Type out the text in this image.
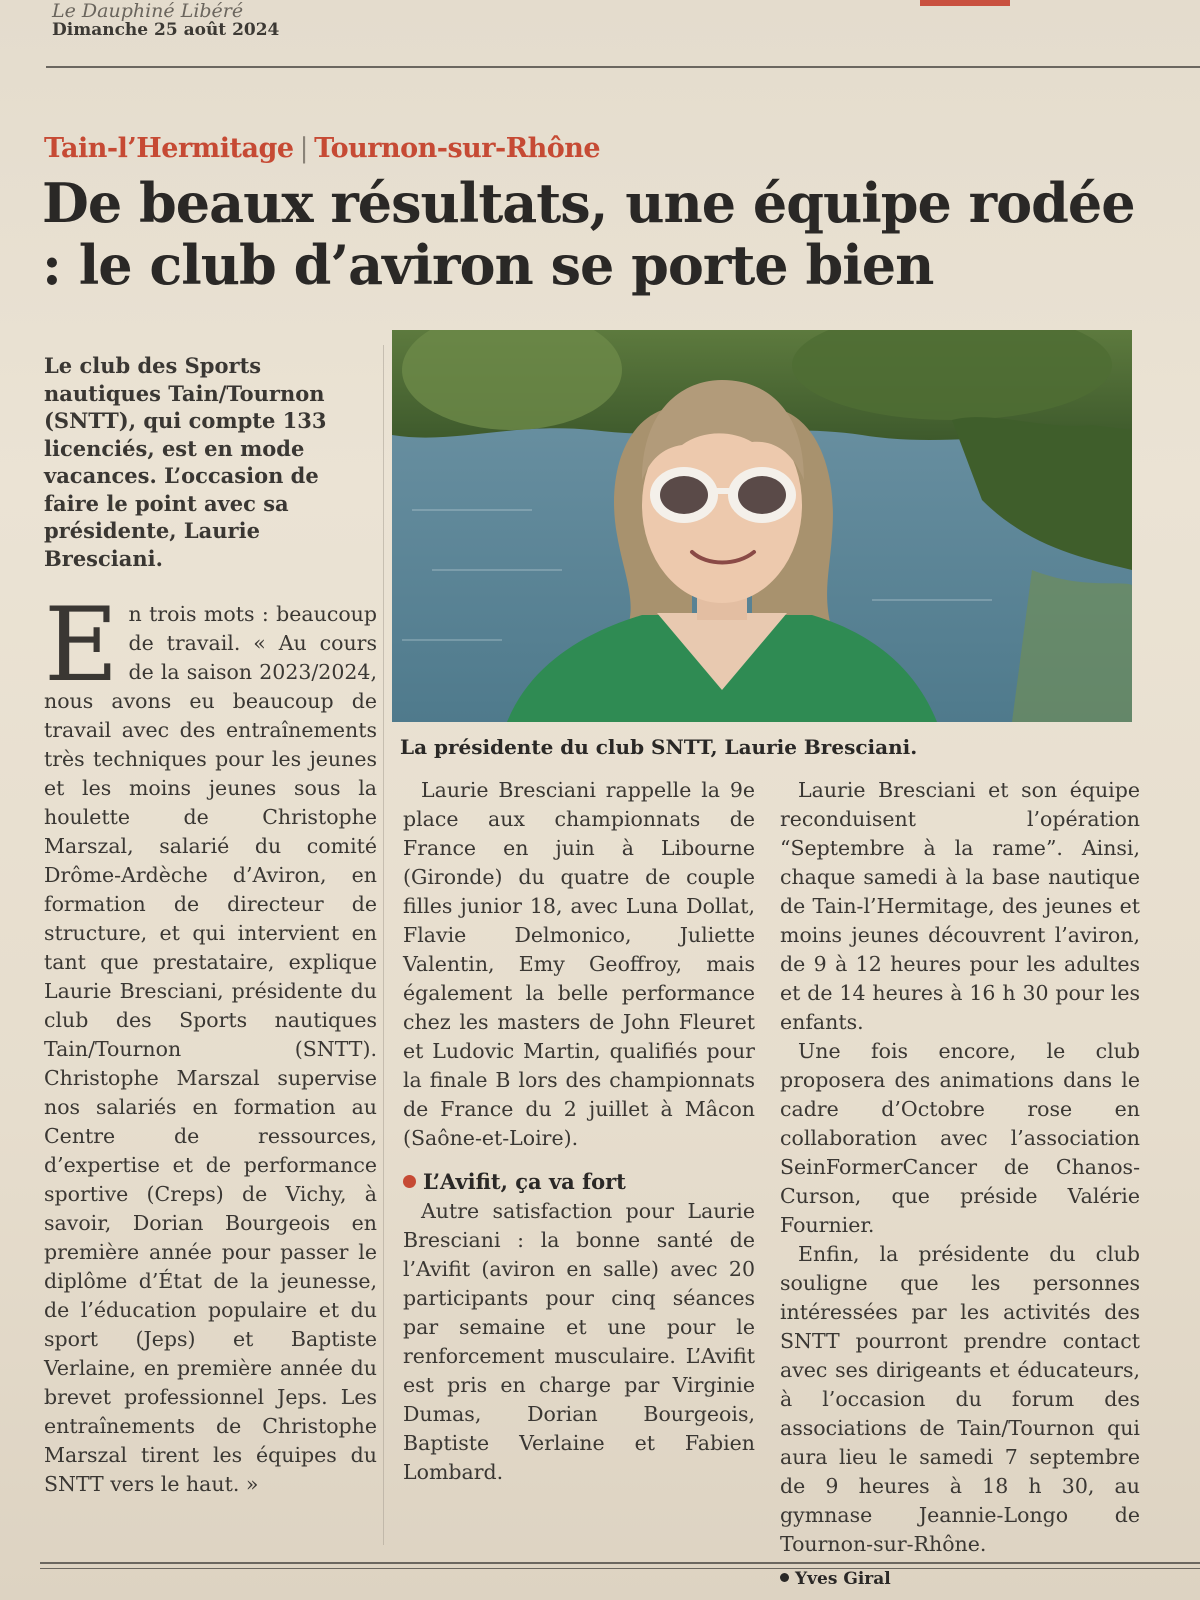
Le Dauphiné Libéré
Dimanche 25 août 2024
Tain-l’Hermitage | Tournon-sur-Rhône
De beaux résultats, une équipe rodée : le club d’aviron se porte bien

Le club des Sports nautiques Tain/Tournon (SNTT), qui compte 133 licenciés, est en mode vacances. L’occasion de faire le point avec sa présidente, Laurie Bresciani.

La présidente du club SNTT, Laurie Bresciani.
E n trois mots : beaucoup de travail. « Au cours de la saison 2023/2024, nous avons eu beaucoup de travail avec des entraînements très techniques pour les jeunes et les moins jeunes sous la houlette de Christophe Marszal, salarié du comité Drôme-Ardèche d’Aviron, en formation de directeur de structure, et qui intervient en tant que prestataire, explique Laurie Bresciani, présidente du club des Sports nautiques Tain/Tournon (SNTT). Christophe Marszal supervise nos salariés en formation au Centre de ressources, d’expertise et de performance sportive (Creps) de Vichy, à savoir, Dorian Bourgeois en première année pour passer le diplôme d’État de la jeunesse, de l’éducation populaire et du sport (Jeps) et Baptiste Verlaine, en première année du brevet professionnel Jeps. Les entraînements de Christophe Marszal tirent les équipes du SNTT vers le haut. »

Laurie Bresciani rappelle la 9e place aux championnats de France en juin à Libourne (Gironde) du quatre de couple filles junior 18, avec Luna Dollat, Flavie Delmonico, Juliette Valentin, Emy Geoffroy, mais également la belle performance chez les masters de John Fleuret et Ludovic Martin, qualifiés pour la finale B lors des championnats de France du 2 juillet à Mâcon (Saône-et-Loire).

L’Avifit, ça va fort

Autre satisfaction pour Laurie Bresciani : la bonne santé de l’Avifit (aviron en salle) avec 20 participants pour cinq séances par semaine et une pour le renforcement musculaire. L’Avifit est pris en charge par Virginie Dumas, Dorian Bourgeois, Baptiste Verlaine et Fabien Lombard.

Laurie Bresciani et son équipe reconduisent l’opération “Septembre à la rame”. Ainsi, chaque samedi à la base nautique de Tain-l’Hermitage, des jeunes et moins jeunes découvrent l’aviron, de 9 à 12 heures pour les adultes et de 14 heures à 16 h 30 pour les enfants.

Une fois encore, le club proposera des animations dans le cadre d’Octobre rose en collaboration avec l’association SeinFormerCancer de Chanos-Curson, que préside Valérie Fournier.

Enfin, la présidente du club souligne que les personnes intéressées par les activités des SNTT pourront prendre contact avec ses dirigeants et éducateurs, à l’occasion du forum des associations de Tain/Tournon qui aura lieu le samedi 7 septembre de 9 heures à 18 h 30, au gymnase Jeannie-Longo de Tournon-sur-Rhône.

Yves Giral
